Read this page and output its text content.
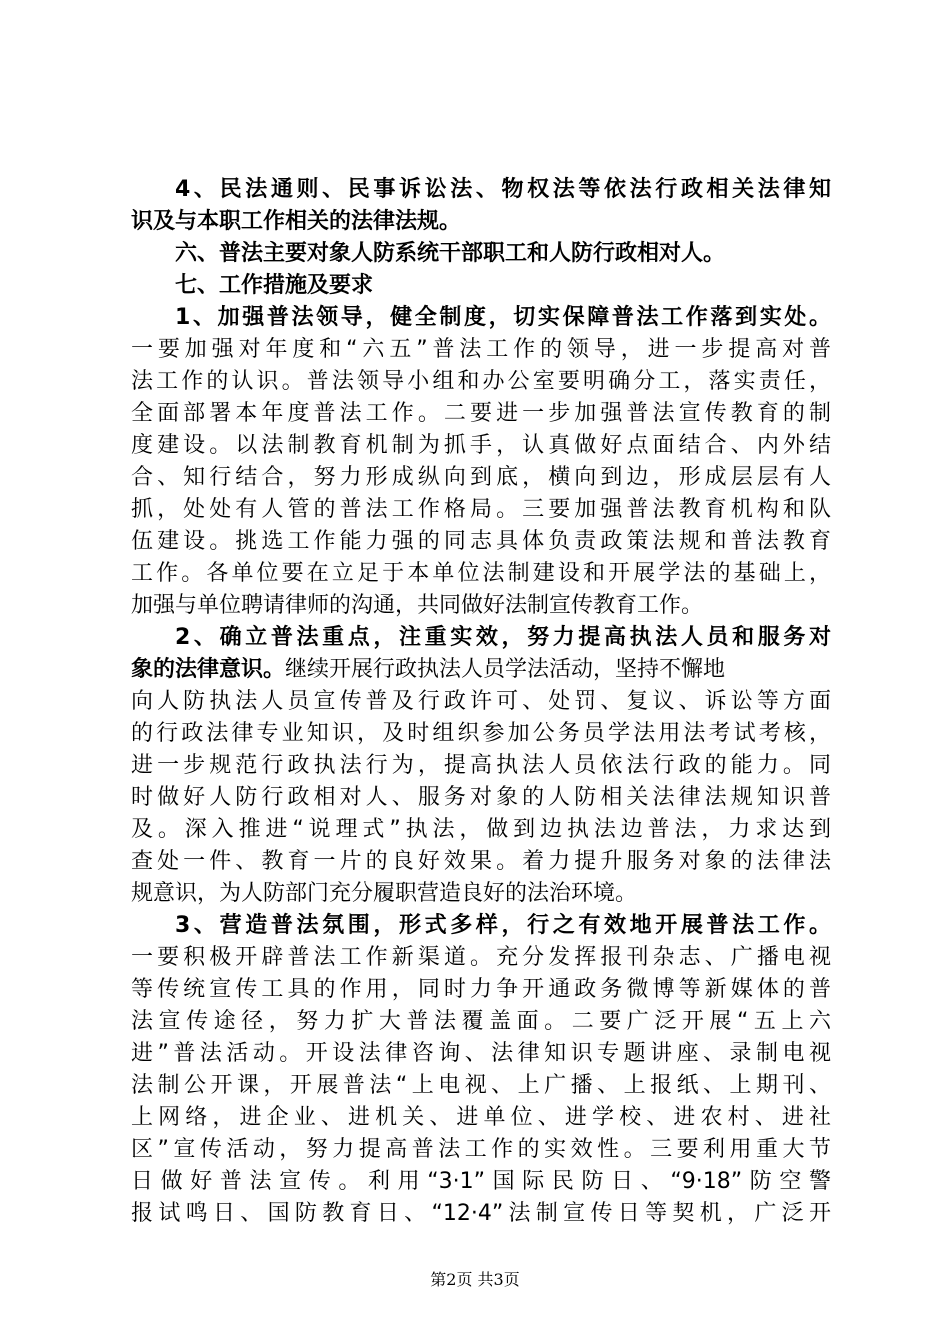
4、民法通则、民事诉讼法、物权法等依法行政相关法律知
识及与本职工作相关的法律法规。
六、普法主要对象人防系统干部职工和人防行政相对人。
七、工作措施及要求
1、加强普法领导，健全制度，切实保障普法工作落到实处。
一要加强对年度和“六五”普法工作的领导，进一步提高对普
法工作的认识。普法领导小组和办公室要明确分工，落实责任，
全面部署本年度普法工作。二要进一步加强普法宣传教育的制
度建设。以法制教育机制为抓手，认真做好点面结合、内外结
合、知行结合，努力形成纵向到底，横向到边，形成层层有人
抓，处处有人管的普法工作格局。三要加强普法教育机构和队
伍建设。挑选工作能力强的同志具体负责政策法规和普法教育
工作。各单位要在立足于本单位法制建设和开展学法的基础上，
加强与单位聘请律师的沟通，共同做好法制宣传教育工作。
2、确立普法重点，注重实效，努力提高执法人员和服务对
象的法律意识。继续开展行政执法人员学法活动，坚持不懈地
向人防执法人员宣传普及行政许可、处罚、复议、诉讼等方面
的行政法律专业知识，及时组织参加公务员学法用法考试考核，
进一步规范行政执法行为，提高执法人员依法行政的能力。同
时做好人防行政相对人、服务对象的人防相关法律法规知识普
及。深入推进“说理式”执法，做到边执法边普法，力求达到
查处一件、教育一片的良好效果。着力提升服务对象的法律法
规意识，为人防部门充分履职营造良好的法治环境。
3、营造普法氛围，形式多样，行之有效地开展普法工作。
一要积极开辟普法工作新渠道。充分发挥报刊杂志、广播电视
等传统宣传工具的作用，同时力争开通政务微博等新媒体的普
法宣传途径，努力扩大普法覆盖面。二要广泛开展“五上六
进”普法活动。开设法律咨询、法律知识专题讲座、录制电视
法制公开课，开展普法“上电视、上广播、上报纸、上期刊、
上网络，进企业、进机关、进单位、进学校、进农村、进社
区”宣传活动，努力提高普法工作的实效性。三要利用重大节
日做好普法宣传。利用“3·1”国际民防日、“9·18”防空警
报试鸣日、国防教育日、“12·4”法制宣传日等契机，广泛开
第2页 共3页
